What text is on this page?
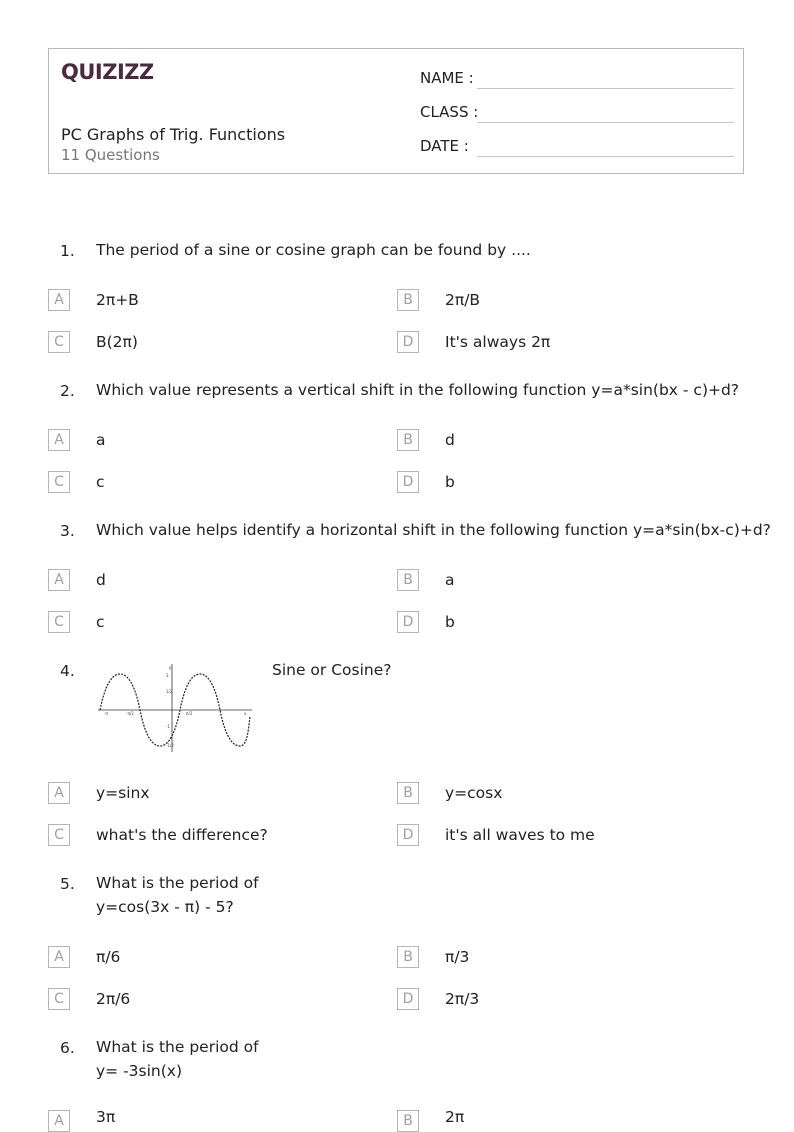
QUIZIZZ
PC Graphs of Trig. Functions
11 Questions
NAME :
CLASS :
DATE :
1. The period of a sine or cosine graph can be found by ....
A	2π+B	B	2π/B
C	B(2π)	D	It's always 2π
2. Which value represents a vertical shift in the following function y=a*sin(bx - c)+d?
A	a	B	d
C	c	D	b
3. Which value helps identify a horizontal shift in the following function y=a*sin(bx-c)+d?
A	d	B	a
C	c	D	b
4.	y
3
1/2
-1
-1/2
-π	-π/2	π/2	x
Sine or Cosine?
A	y=sinx	B	y=cosx
C	what's the difference?	D	it's all waves to me
5. What is the period of
y=cos(3x - π) - 5?
A	π/6	B	π/3
C	2π/6	D	2π/3
6. What is the period of
y= -3sin(x)
A	3π	B	2π
